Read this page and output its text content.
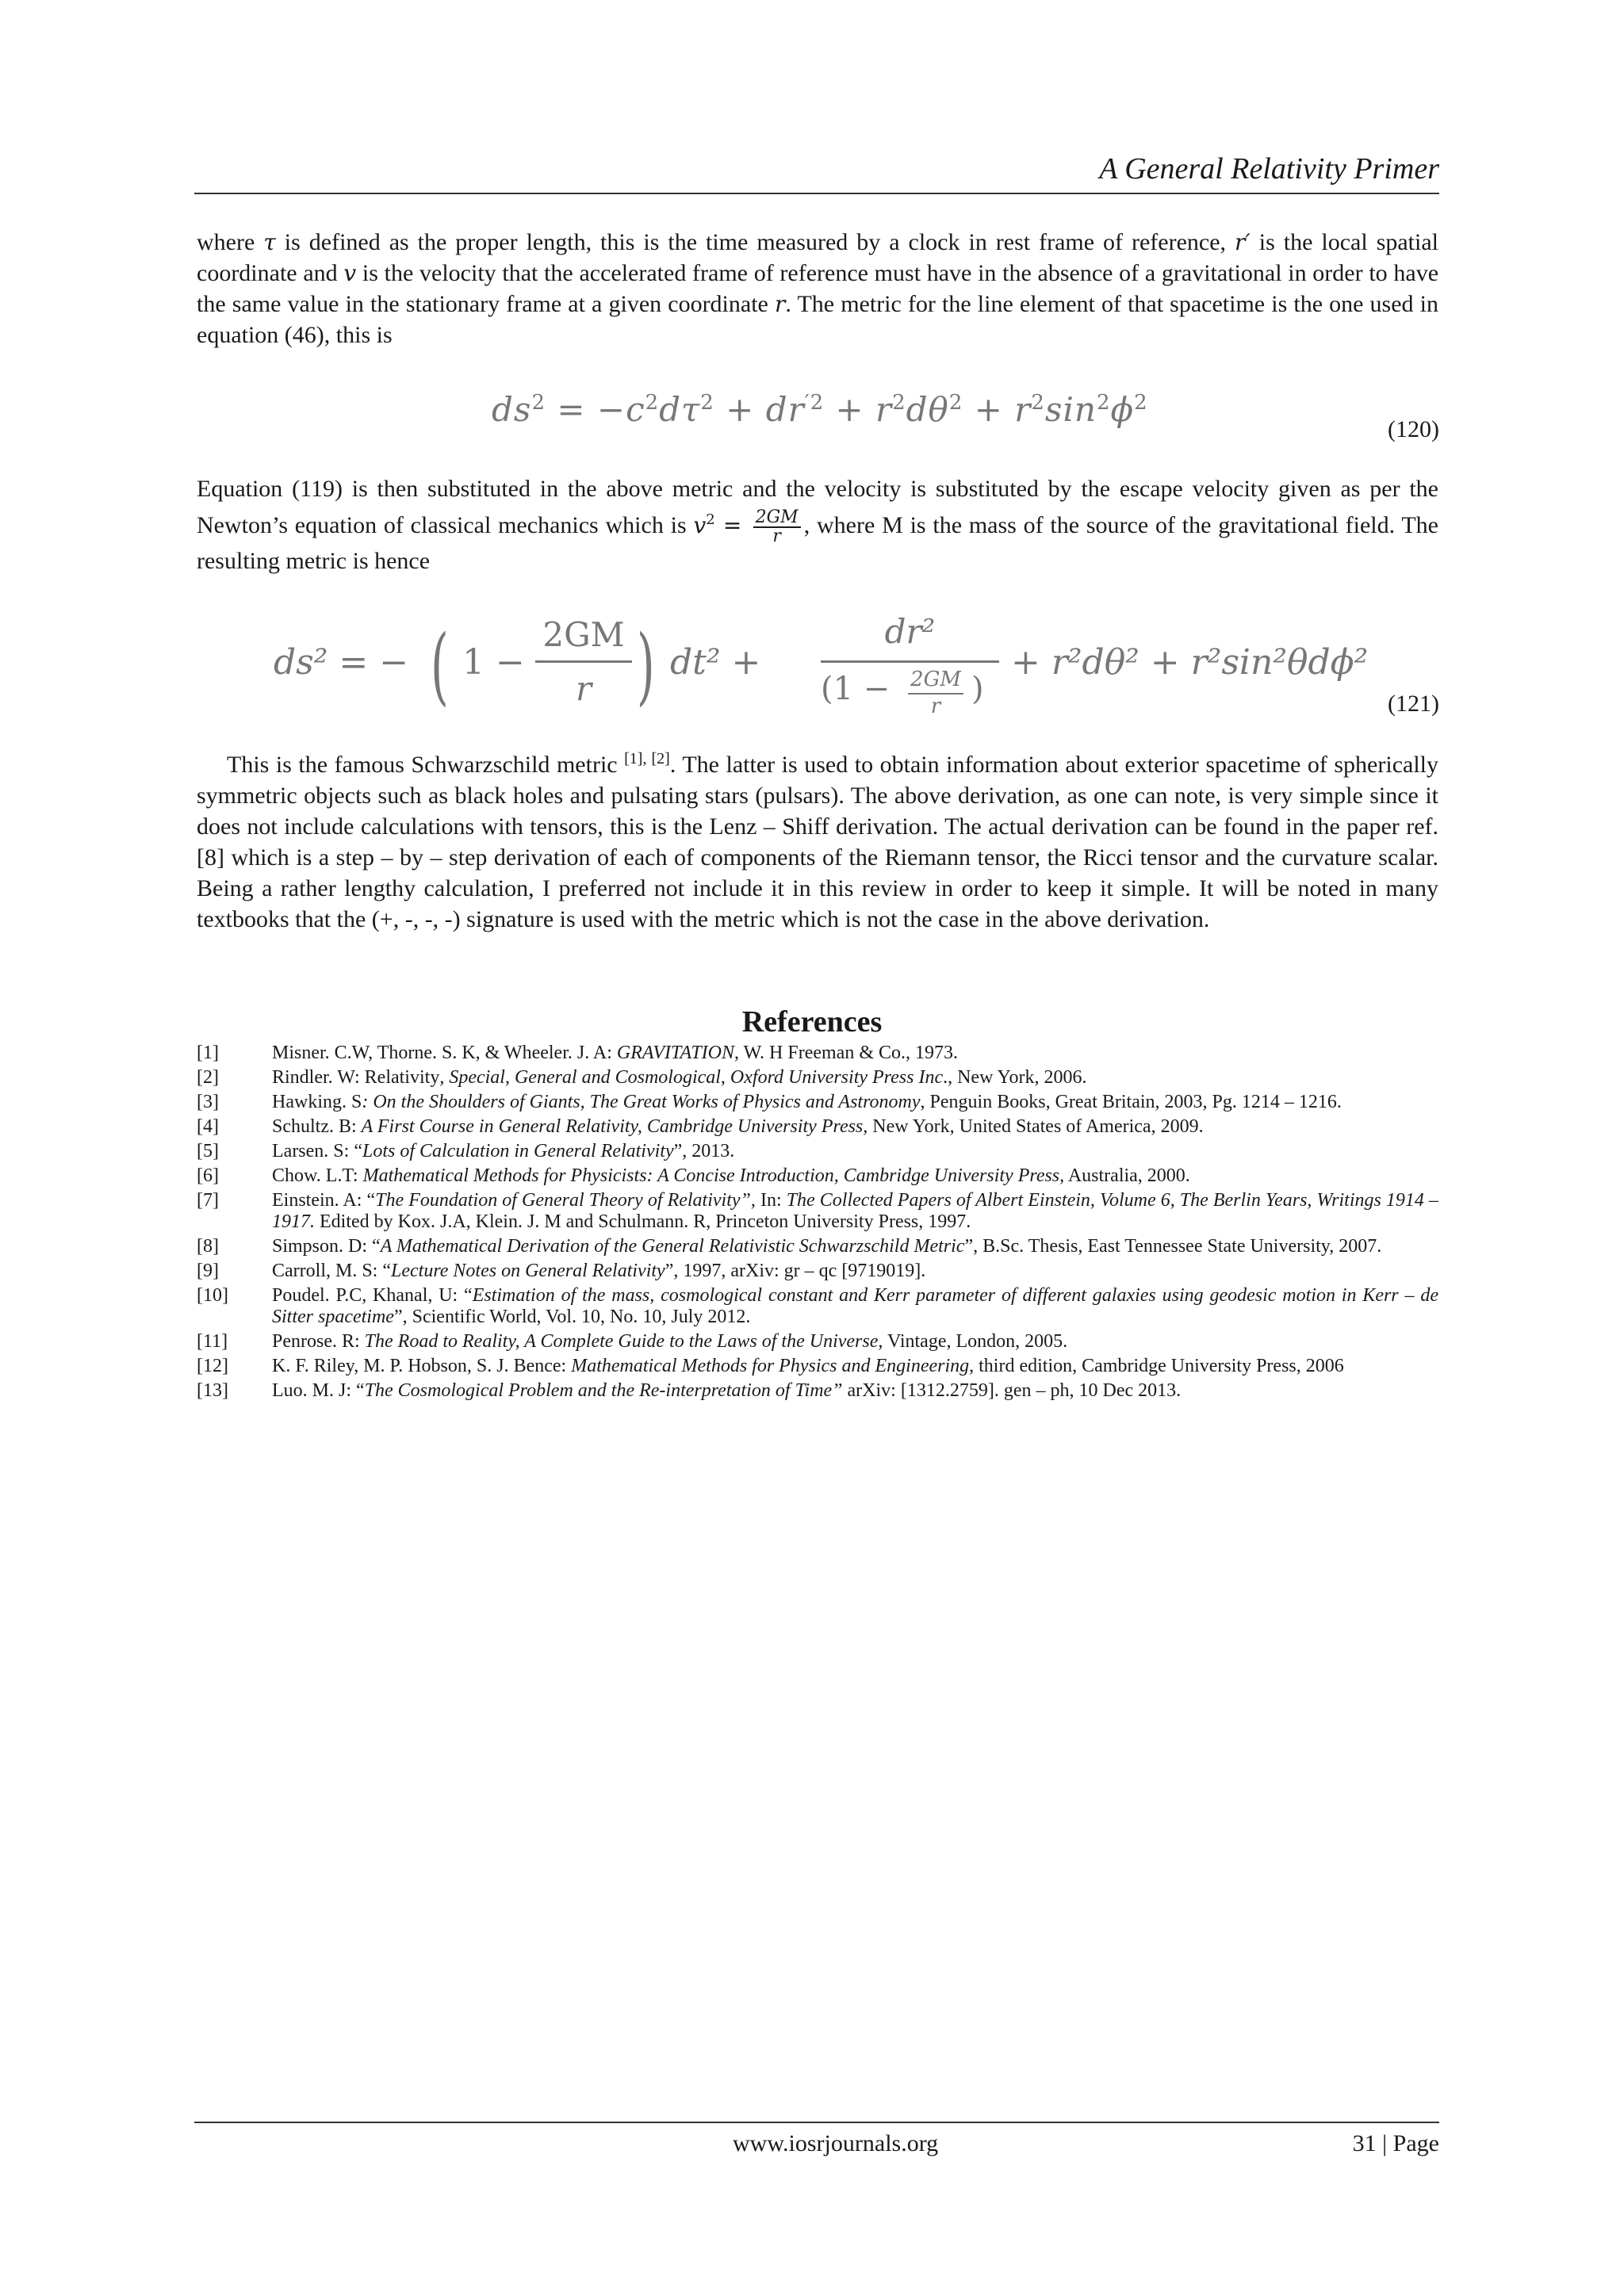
A General Relativity Primer
where τ is defined as the proper length, this is the time measured by a clock in rest frame of reference, r′ is the local spatial coordinate and v is the velocity that the accelerated frame of reference must have in the absence of a gravitational in order to have the same value in the stationary frame at a given coordinate r. The metric for the line element of that spacetime is the one used in equation (46), this is
$ds^2 = -c^2d\tau^2 + dr^{'2} + r^2d\theta^2 + r^2\sin^2\phi^2$
(120)
Equation (119) is then substituted in the above metric and the velocity is substituted by the escape velocity given as per the Newton’s equation of classical mechanics which is $v^2 = \frac{2GM}{r}$ , where M is the mass of the source of the gravitational field. The resulting metric is hence
ds² = − ( 1 −
2GM
r ) dt² +
dr²
(1 − 2GM
r )
+ r²dθ² + r²sin²θdϕ²
(121)
This is the famous Schwarzschild metric [1], [2]. The latter is used to obtain information about exterior spacetime of spherically symmetric objects such as black holes and pulsating stars (pulsars). The above derivation, as one can note, is very simple since it does not include calculations with tensors, this is the Lenz – Shiff derivation. The actual derivation can be found in the paper ref. [8] which is a step – by – step derivation of each of components of the Riemann tensor, the Ricci tensor and the curvature scalar. Being a rather lengthy calculation, I preferred not include it in this review in order to keep it simple. It will be noted in many textbooks that the (+, -, -, -) signature is used with the metric which is not the case in the above derivation.
References
[1]	Misner. C.W, Thorne. S. K, & Wheeler. J. A: GRAVITATION, W. H Freeman & Co., 1973.
[2]	Rindler. W: Relativity, Special, General and Cosmological, Oxford University Press Inc., New York, 2006.
[3]	Hawking. S: On the Shoulders of Giants, The Great Works of Physics and Astronomy, Penguin Books, Great Britain, 2003, Pg. 1214 – 1216.
[4]	Schultz. B: A First Course in General Relativity, Cambridge University Press, New York, United States of America, 2009.
[5]	Larsen. S: “Lots of Calculation in General Relativity”, 2013.
[6]	Chow. L.T: Mathematical Methods for Physicists: A Concise Introduction, Cambridge University Press, Australia, 2000.
[7]	Einstein. A: “The Foundation of General Theory of Relativity”, In: The Collected Papers of Albert Einstein, Volume 6, The Berlin Years, Writings 1914 – 1917. Edited by Kox. J.A, Klein. J. M and Schulmann. R, Princeton University Press, 1997.
[8]	Simpson. D: “A Mathematical Derivation of the General Relativistic Schwarzschild Metric”, B.Sc. Thesis, East Tennessee State University, 2007.
[9]	Carroll, M. S: “Lecture Notes on General Relativity”, 1997, arXiv: gr – qc [9719019].
[10]	Poudel. P.C, Khanal, U: “Estimation of the mass, cosmological constant and Kerr parameter of different galaxies using geodesic motion in Kerr – de Sitter spacetime”, Scientific World, Vol. 10, No. 10, July 2012.
[11]	Penrose. R: The Road to Reality, A Complete Guide to the Laws of the Universe, Vintage, London, 2005.
[12]	K. F. Riley, M. P. Hobson, S. J. Bence: Mathematical Methods for Physics and Engineering, third edition, Cambridge University Press, 2006
[13]	Luo. M. J: “The Cosmological Problem and the Re-interpretation of Time” arXiv: [1312.2759]. gen – ph, 10 Dec 2013.
www.iosrjournals.org	31 | Page
